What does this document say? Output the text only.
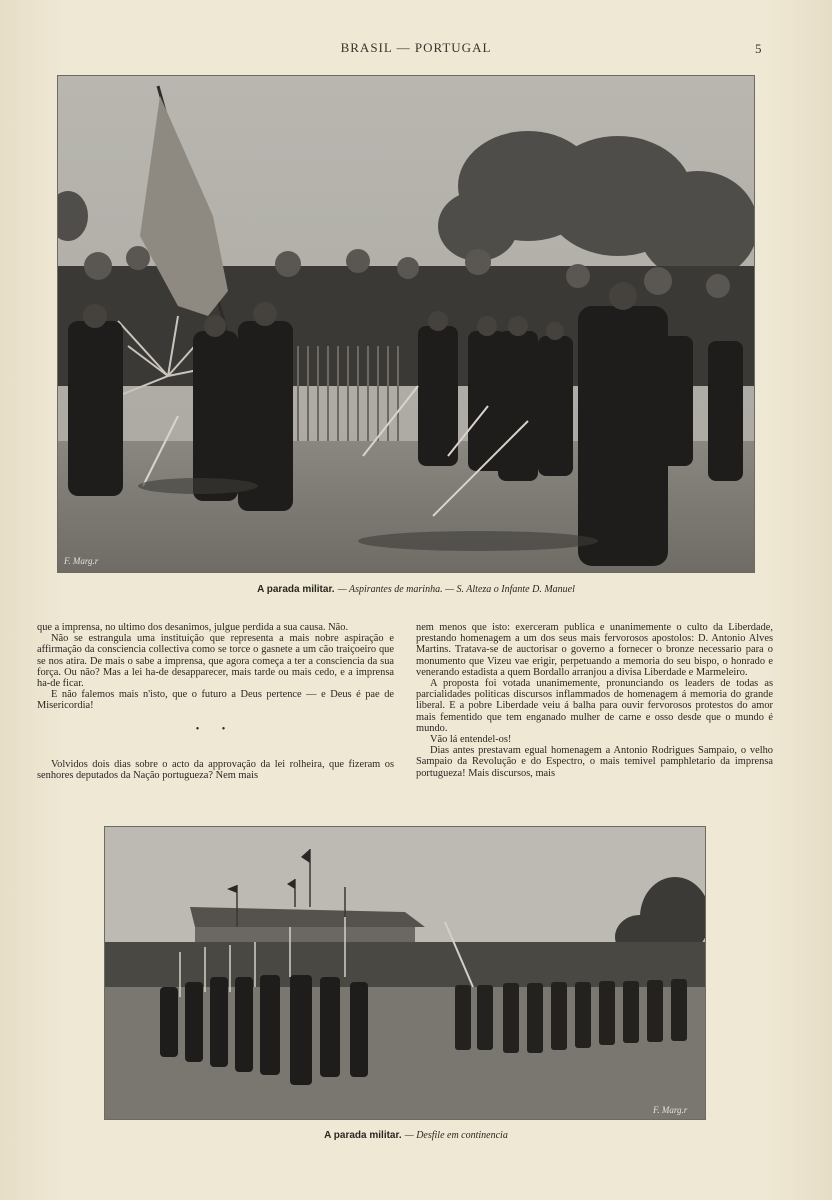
BRASIL — PORTUGAL	5
F. Marg.r
A parada militar. — Aspirantes de marinha. — S. Alteza o Infante D. Manuel

que a imprensa, no ultimo dos desanimos, julgue perdida a sua causa. Não.

Não se estrangula uma instituição que representa a mais nobre aspiração e affirmação da consciencia collectiva como se torce o gasnete a um cão traiçoeiro que se nos atira. De mais o sabe a imprensa, que agora começa a ter a consciencia da sua força. Ou não? Mas a lei ha-de desapparecer, mais tarde ou mais cedo, e a imprensa ha-de ficar.

E não falemos mais n'isto, que o futuro a Deus pertence — e Deus é pae de Misericordia!

• •

Volvidos dois dias sobre o acto da approvação da lei rolheira, que fizeram os senhores deputados da Nação portugueza? Nem mais

nem menos que isto: exerceram publica e unanimemente o culto da Liberdade, prestando homenagem a um dos seus mais fervorosos apostolos: D. Antonio Alves Martins. Tratava-se de auctorisar o governo a fornecer o bronze necessario para o monumento que Vizeu vae erigir, perpetuando a memoria do seu bispo, o honrado e venerando estadista a quem Bordallo arranjou a divisa Liberdade e Marmeleiro.

A proposta foi votada unanimemente, pronunciando os leaders de todas as parcialidades politicas discursos inflammados de homenagem á memoria do grande liberal. E a pobre Liberdade veiu á balha para ouvir fervorosos protestos do amor mais fementido que tem enganado mulher de carne e osso desde que o mundo é mundo.

Vão lá entendel-os!

Dias antes prestavam egual homenagem a Antonio Rodrigues Sampaio, o velho Sampaio da Revolução e do Espectro, o mais temivel pamphletario da imprensa portugueza! Mais discursos, mais

F. Marg.r
A parada militar. — Desfile em continencia
